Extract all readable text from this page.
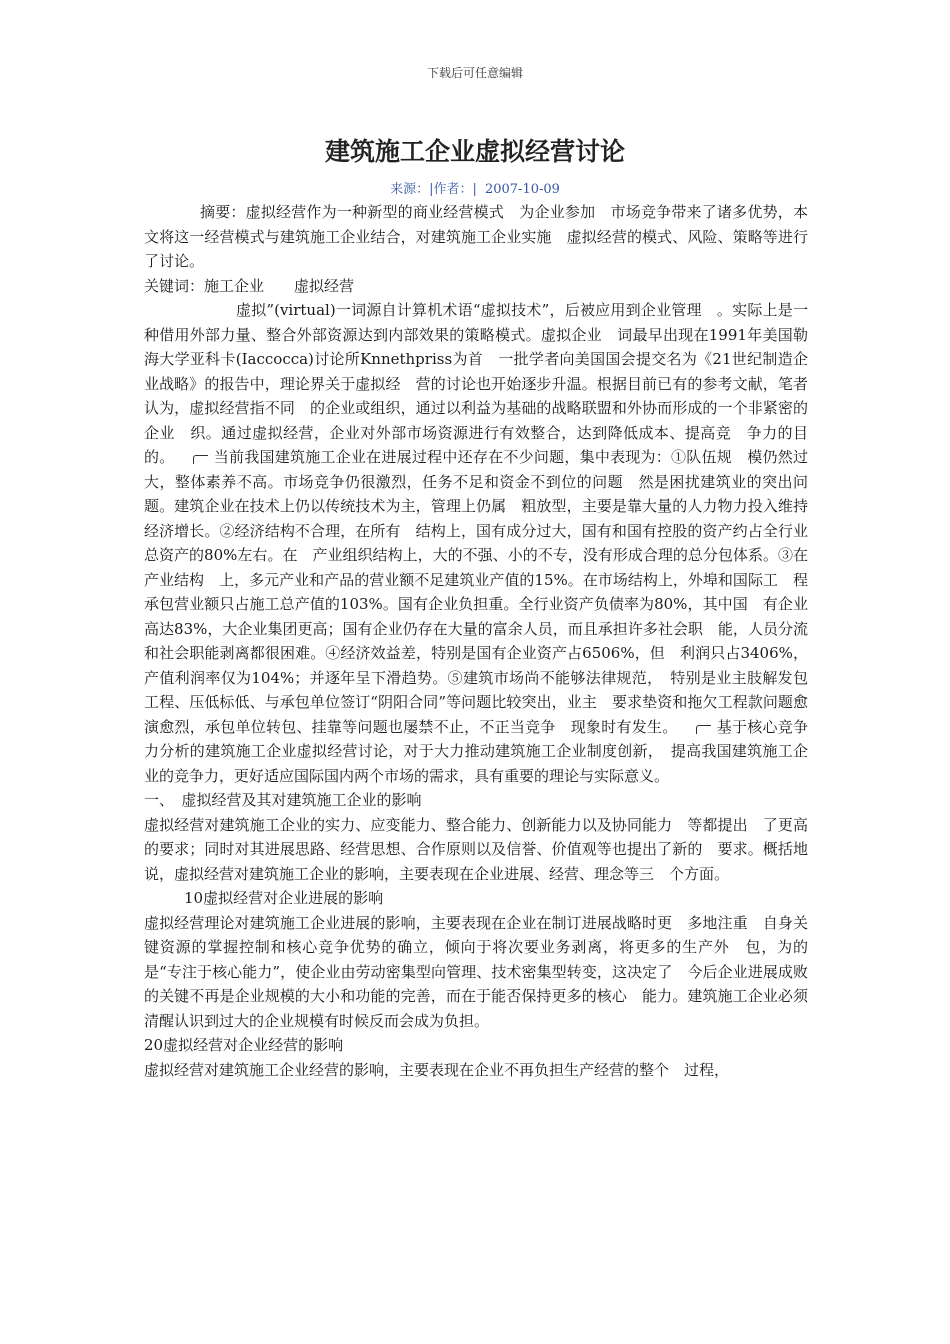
下载后可任意编辑
建筑施工企业虚拟经营讨论
来源：|作者：| 2007-10-09

摘要：虚拟经营作为一种新型的商业经营模式　为企业参加　市场竞争带来了诸多优势，本文将这一经营模式与建筑施工企业结合，对建筑施工企业实施　虚拟经营的模式、风险、策略等进行了讨论。

关键词：施工企业　　虚拟经营

虚拟”(virtual)一词源自计算机术语“虚拟技术”，后被应用到企业管理　。实际上是一种借用外部力量、整合外部资源达到内部效果的策略模式。虚拟企业　词最早出现在1991年美国勒海大学亚科卡(Iaccocca)讨论所Knnethpriss为首　一批学者向美国国会提交名为《21世纪制造企业战略》的报告中，理论界关于虚拟经　营的讨论也开始逐步升温。根据目前已有的参考文献，笔者认为，虚拟经营指不同　的企业或组织，通过以利益为基础的战略联盟和外协而形成的一个非紧密的企业　织。通过虚拟经营，企业对外部市场资源进行有效整合，达到降低成本、提高竞　争力的目的。	当前我国建筑施工企业在进展过程中还存在不少问题，集中表现为：①队伍规　模仍然过大，整体素养不高。市场竞争仍很激烈，任务不足和资金不到位的问题　然是困扰建筑业的突出问题。建筑企业在技术上仍以传统技术为主，管理上仍属　粗放型，主要是靠大量的人力物力投入维持经济增长。②经济结构不合理，在所有　结构上，国有成分过大，国有和国有控股的资产约占全行业总资产的80%左右。在　产业组织结构上，大的不强、小的不专，没有形成合理的总分包体系。③在产业结构　上，多元产业和产品的营业额不足建筑业产值的15%。在市场结构上，外埠和国际工　程承包营业额只占施工总产值的103%。国有企业负担重。全行业资产负债率为80%，其中国　有企业高达83%，大企业集团更高；国有企业仍存在大量的富余人员，而且承担许多社会职　能，人员分流和社会职能剥离都很困难。④经济效益差，特别是国有企业资产占6506%，但　利润只占3406%，产值利润率仅为104%；并逐年呈下滑趋势。⑤建筑市场尚不能够法律规范，　特别是业主肢解发包工程、压低标低、与承包单位签订“阴阳合同”等问题比较突出，业主　要求垫资和拖欠工程款问题愈演愈烈，承包单位转包、挂靠等问题也屡禁不止，不正当竞争　现象时有发生。	基于核心竞争力分析的建筑施工企业虚拟经营讨论，对于大力推动建筑施工企业制度创新，　提高我国建筑施工企业的竞争力，更好适应国际国内两个市场的需求，具有重要的理论与实际意义。

一、　虚拟经营及其对建筑施工企业的影响

虚拟经营对建筑施工企业的实力、应变能力、整合能力、创新能力以及协同能力　等都提出　了更高的要求；同时对其进展思路、经营思想、合作原则以及信誉、价值观等也提出了新的　要求。概括地说，虚拟经营对建筑施工企业的影响，主要表现在企业进展、经营、理念等三　个方面。

10虚拟经营对企业进展的影响

虚拟经营理论对建筑施工企业进展的影响，主要表现在企业在制订进展战略时更　多地注重　自身关键资源的掌握控制和核心竞争优势的确立，倾向于将次要业务剥离，将更多的生产外　包，为的是“专注于核心能力”，使企业由劳动密集型向管理、技术密集型转变，这决定了　今后企业进展成败的关键不再是企业规模的大小和功能的完善，而在于能否保持更多的核心　能力。建筑施工企业必须清醒认识到过大的企业规模有时候反而会成为负担。

20虚拟经营对企业经营的影响

虚拟经营对建筑施工企业经营的影响，主要表现在企业不再负担生产经营的整个　过程，
